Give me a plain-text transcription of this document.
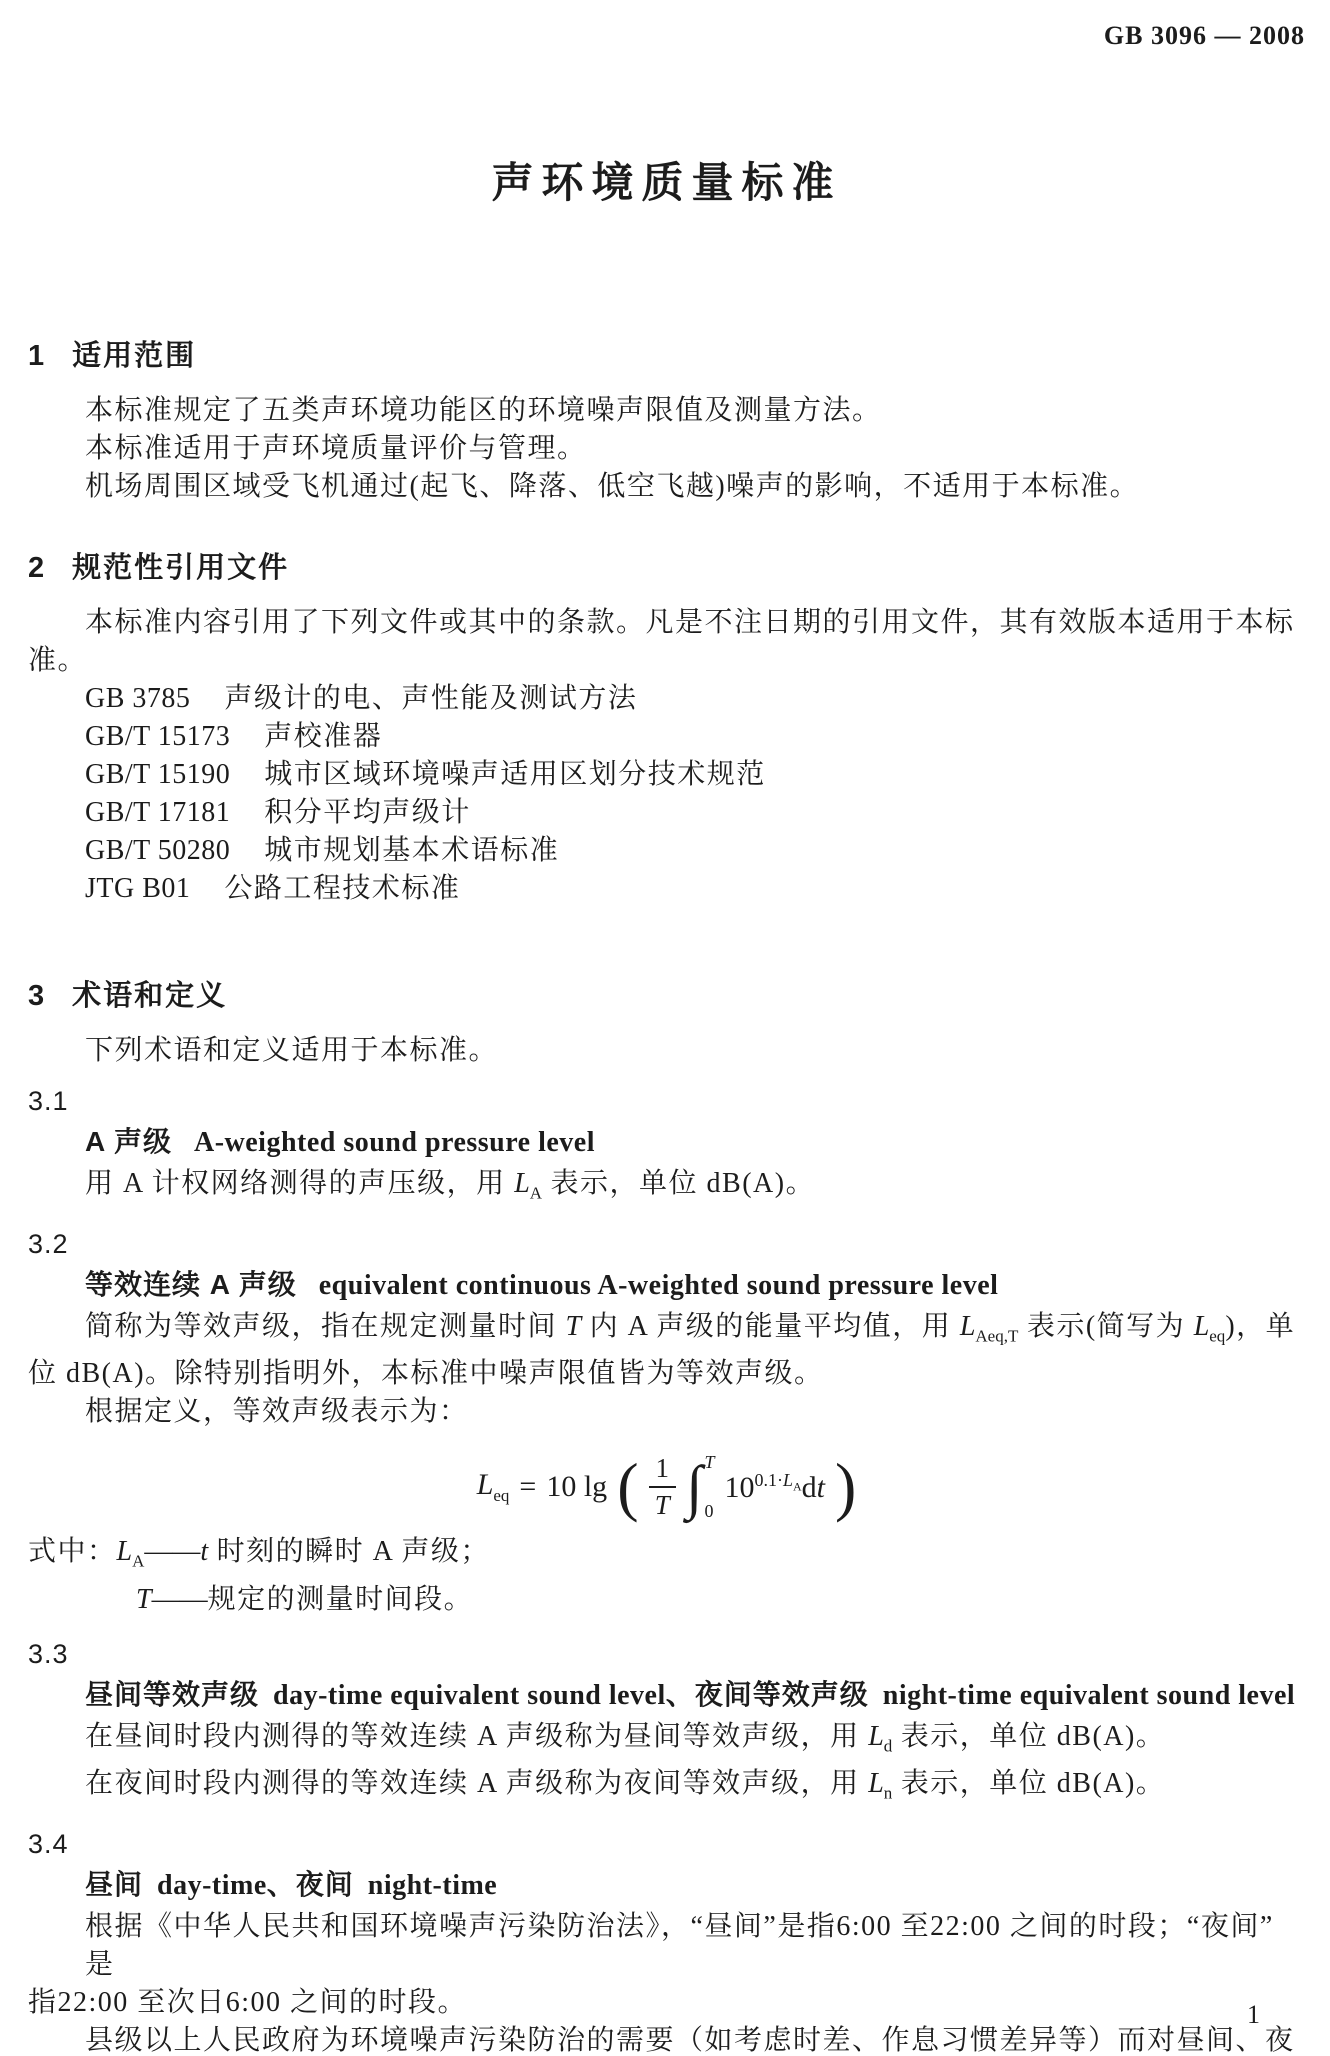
GB 3096 — 2008
声环境质量标准
1 适用范围
本标准规定了五类声环境功能区的环境噪声限值及测量方法。
本标准适用于声环境质量评价与管理。
机场周围区域受飞机通过(起飞、降落、低空飞越)噪声的影响，不适用于本标准。
2 规范性引用文件
本标准内容引用了下列文件或其中的条款。凡是不注日期的引用文件，其有效版本适用于本标
准。
GB 3785 声级计的电、声性能及测试方法
GB/T 15173 声校准器
GB/T 15190 城市区域环境噪声适用区划分技术规范
GB/T 17181 积分平均声级计
GB/T 50280 城市规划基本术语标准
JTG B01 公路工程技术标准
3 术语和定义
下列术语和定义适用于本标准。
3.1
A 声级 A-weighted sound pressure level
用 A 计权网络测得的声压级，用 $L_A$ 表示，单位 dB(A)。
3.2
等效连续 A 声级 equivalent continuous A-weighted sound pressure level
简称为等效声级，指在规定测量时间 T 内 A 声级的能量平均值，用 $L_{Aeq,T}$ 表示(简写为 $L_{eq}$)，单
位 dB(A)。除特别指明外，本标准中噪声限值皆为等效声级。
根据定义，等效声级表示为：
$L_{eq} = 10$ lg ( $\frac{1}{T}$ ∫ T
0
$10^{0.1\cdot L_A}dt$ )
式中：$L_A——t$ 时刻的瞬时 A 声级；
T——规定的测量时间段。
3.3
昼间等效声级 day-time equivalent sound level、夜间等效声级 night-time equivalent sound level
在昼间时段内测得的等效连续 A 声级称为昼间等效声级，用 $L_d$ 表示，单位 dB(A)。
在夜间时段内测得的等效连续 A 声级称为夜间等效声级，用 $L_n$ 表示，单位 dB(A)。
3.4
昼间 day-time、夜间 night-time
根据《中华人民共和国环境噪声污染防治法》，“昼间”是指6:00 至22:00 之间的时段；“夜间” 是
指22:00 至次日6:00 之间的时段。
县级以上人民政府为环境噪声污染防治的需要（如考虑时差、作息习惯差异等）而对昼间、夜
1
